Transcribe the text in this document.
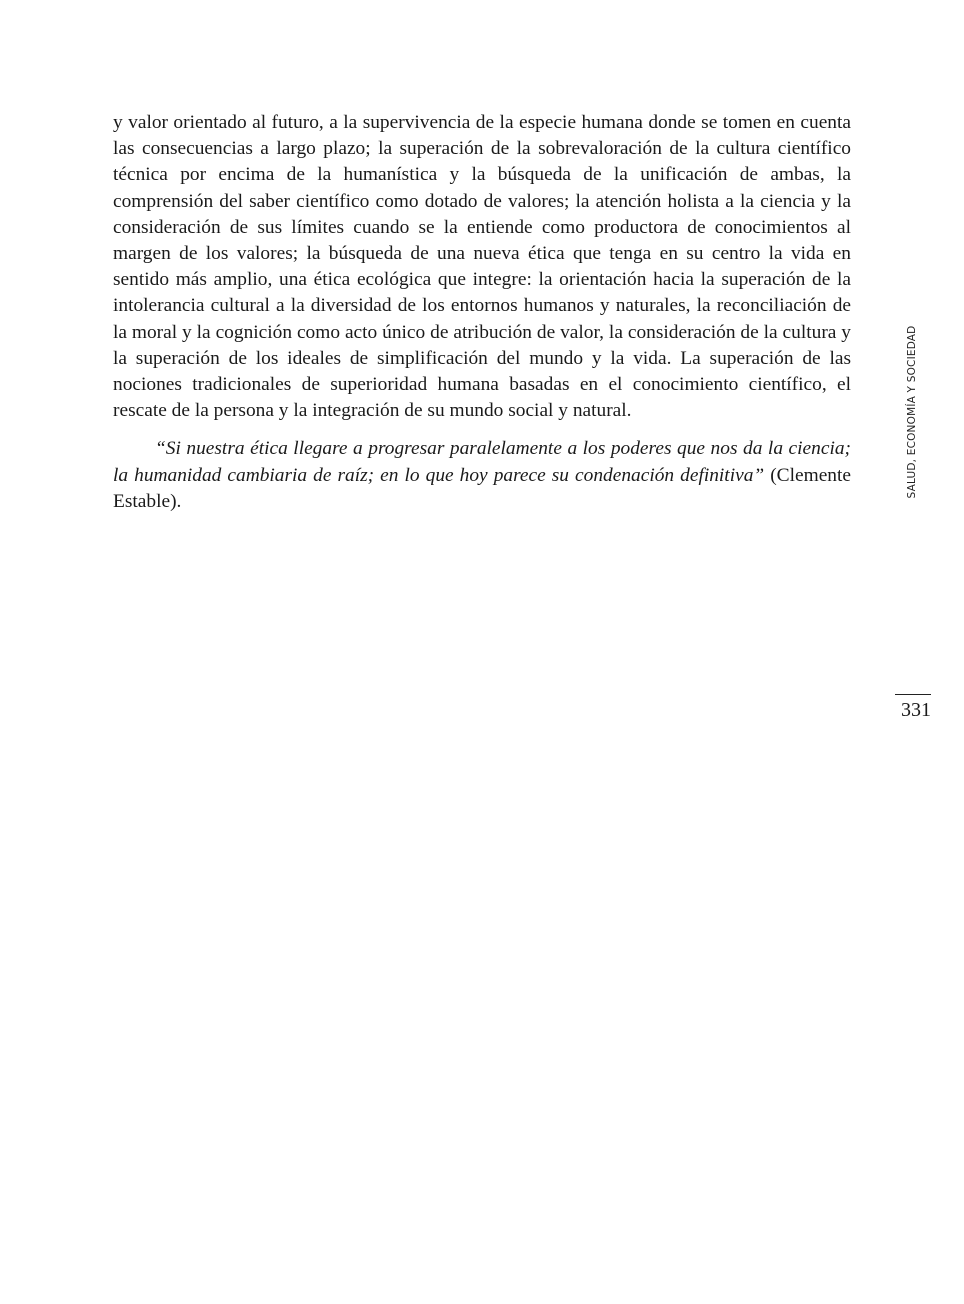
y valor orientado al futuro, a la supervivencia de la especie humana donde se tomen en cuenta las consecuencias a largo plazo; la superación de la sobrevaloración de la cultura científico técnica por encima de la humanística y la búsqueda de la unificación de ambas, la comprensión del saber científico como dotado de valores; la atención holista a la ciencia y la consideración de sus límites cuando se la entiende como productora de conocimientos al margen de los valores; la búsqueda de una nueva ética que tenga en su centro la vida en sentido más amplio, una ética ecológica que integre: la orientación hacia la superación de la intolerancia cultural a la diversidad de los entornos humanos y naturales, la reconciliación de la moral y la cognición como acto único de atribución de valor, la consideración de la cultura y la superación de los ideales de simplificación del mundo y la vida. La superación de las nociones tradicionales de superioridad humana basadas en el conocimiento científico, el rescate de la persona y la integración de su mundo social y natural.

“Si nuestra ética llegare a progresar paralelamente a los poderes que nos da la ciencia; la humanidad cambiaria de raíz; en lo que hoy parece su condenación definitiva” (Clemente Estable).

SALUD, ECONOMÍA Y SOCIEDAD
331
